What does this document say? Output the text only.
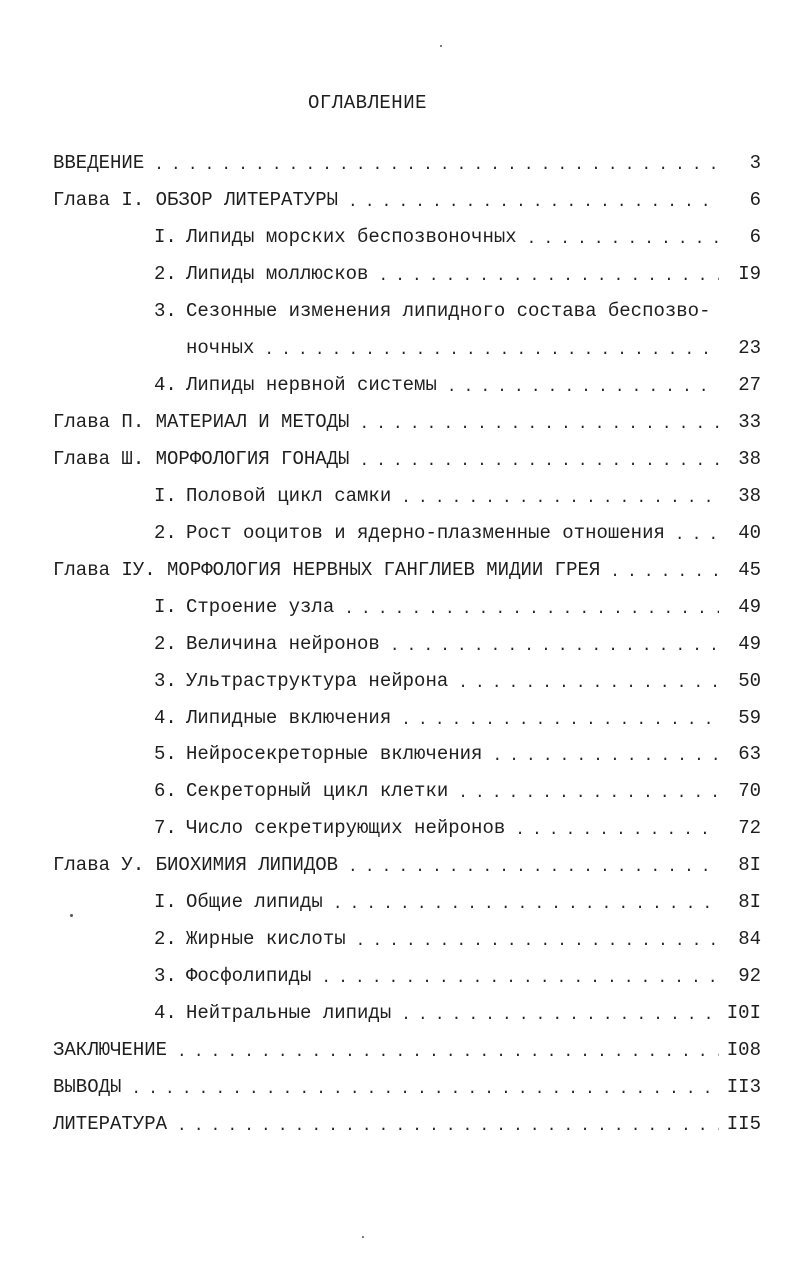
ОГЛАВЛЕНИЕ
ВВЕДЕНИЕ . . .	3
Глава I. ОБЗОР ЛИТЕРАТУРЫ . . .	6
I. Липиды морских беспозвоночных . . .	6
2. Липиды моллюсков . . .	I9
3. Сезонные изменения липидного состава беспозво-
ночных . . .	23
4. Липиды нервной системы . . .	27
Глава П. МАТЕРИАЛ И МЕТОДЫ . . .	33
Глава Ш. МОРФОЛОГИЯ ГОНАДЫ . . .	38
I. Половой цикл самки . . .	38
2. Рост ооцитов и ядерно-плазменные отношения . . .	40
Глава IУ. МОРФОЛОГИЯ НЕРВНЫХ ГАНГЛИЕВ МИДИИ ГРЕЯ . . .	45
I. Строение узла . . .	49
2. Величина нейронов . . .	49
3. Ультраструктура нейрона . . .	50
4. Липидные включения . . .	59
5. Нейросекреторные включения . . .	63
6. Секреторный цикл клетки . . .	70
7. Число секретирующих нейронов . . .	72
Глава У. БИОХИМИЯ ЛИПИДОВ . . .	8I
I. Общие липиды . . .	8I
2. Жирные кислоты . . .	84
3. Фосфолипиды . . .	92
4. Нейтральные липиды . . .	I0I
ЗАКЛЮЧЕНИЕ . . .	I08
ВЫВОДЫ . . .	II3
ЛИТЕРАТУРА . . .	II5
